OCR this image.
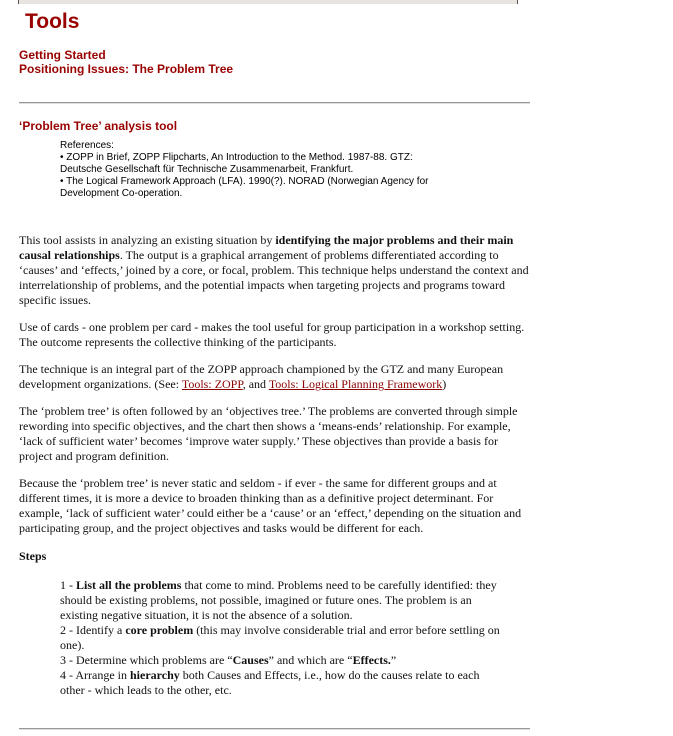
Tools
Getting Started
Positioning Issues: The Problem Tree
‘Problem Tree’ analysis tool
References:
• ZOPP in Brief, ZOPP Flipcharts, An Introduction to the Method. 1987-88. GTZ:
Deutsche Gesellschaft für Technische Zusammenarbeit, Frankfurt.
• The Logical Framework Approach (LFA). 1990(?). NORAD (Norwegian Agency for
Development Co-operation.

This tool assists in analyzing an existing situation by identifying the major problems and their main causal relationships. The output is a graphical arrangement of problems differentiated according to ‘causes’ and ‘effects,’ joined by a core, or focal, problem. This technique helps understand the context and interrelationship of problems, and the potential impacts when targeting projects and programs toward specific issues.

Use of cards - one problem per card - makes the tool useful for group participation in a workshop setting. The outcome represents the collective thinking of the participants.

The technique is an integral part of the ZOPP approach championed by the GTZ and many European development organizations. (See: Tools: ZOPP, and Tools: Logical Planning Framework)

The ‘problem tree’ is often followed by an ‘objectives tree.’ The problems are converted through simple rewording into specific objectives, and the chart then shows a ‘means-ends’ relationship. For example, ‘lack of sufficient water’ becomes ‘improve water supply.’ These objectives than provide a basis for project and program definition.

Because the ‘problem tree’ is never static and seldom - if ever - the same for different groups and at different times, it is more a device to broaden thinking than as a definitive project determinant. For example, ‘lack of sufficient water’ could either be a ‘cause’ or an ‘effect,’ depending on the situation and participating group, and the project objectives and tasks would be different for each.

Steps
1 - List all the problems that come to mind. Problems need to be carefully identified: they should be existing problems, not possible, imagined or future ones. The problem is an existing negative situation, it is not the absence of a solution.
2 - Identify a core problem (this may involve considerable trial and error before settling on one).
3 - Determine which problems are “Causes” and which are “Effects.”
4 - Arrange in hierarchy both Causes and Effects, i.e., how do the causes relate to each other - which leads to the other, etc.
